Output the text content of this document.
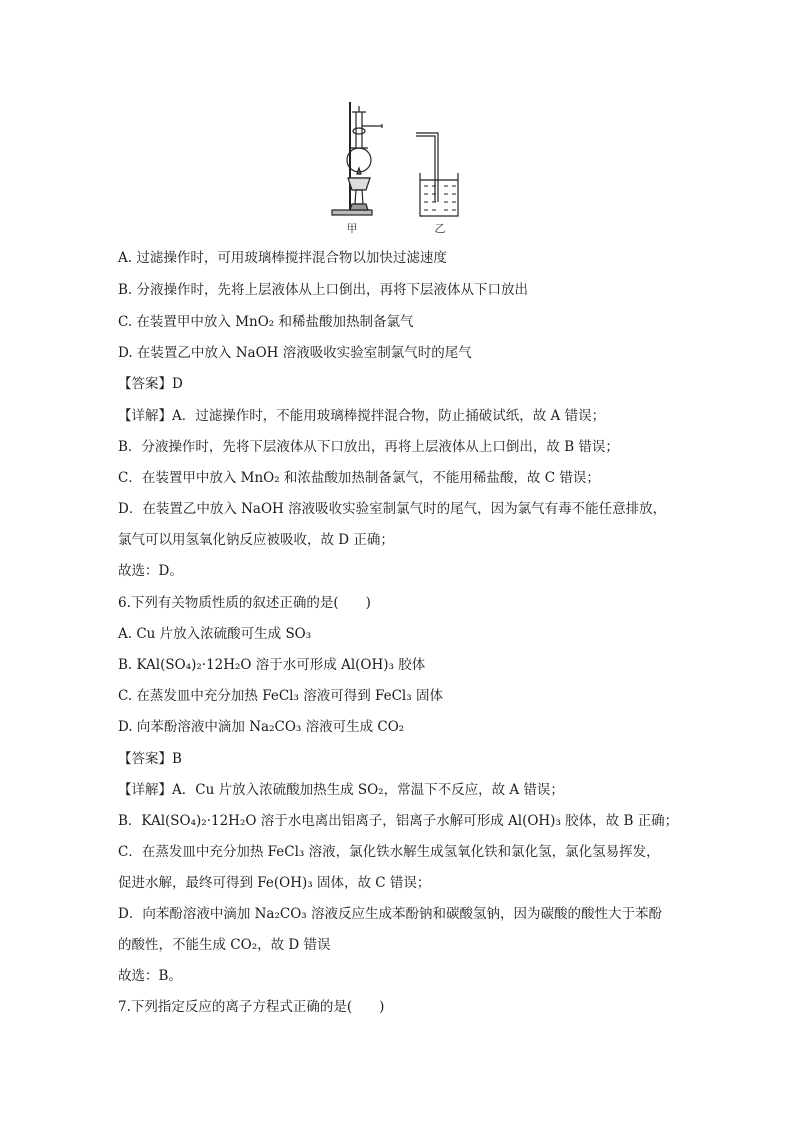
甲	乙
A. 过滤操作时，可用玻璃棒搅拌混合物以加快过滤速度
B. 分液操作时，先将上层液体从上口倒出，再将下层液体从下口放出
C. 在装置甲中放入 MnO₂ 和稀盐酸加热制备氯气
D. 在装置乙中放入 NaOH 溶液吸收实验室制氯气时的尾气
【答案】D
【详解】A．过滤操作时，不能用玻璃棒搅拌混合物，防止捅破试纸，故 A 错误；
B．分液操作时，先将下层液体从下口放出，再将上层液体从上口倒出，故 B 错误；
C．在装置甲中放入 MnO₂ 和浓盐酸加热制备氯气，不能用稀盐酸，故 C 错误；
D．在装置乙中放入 NaOH 溶液吸收实验室制氯气时的尾气，因为氯气有毒不能任意排放，
氯气可以用氢氧化钠反应被吸收，故 D 正确；
故选：D。
6.下列有关物质性质的叙述正确的是(　　)
A. Cu 片放入浓硫酸可生成 SO₃
B. KAl(SO₄)₂·12H₂O 溶于水可形成 Al(OH)₃ 胶体
C. 在蒸发皿中充分加热 FeCl₃ 溶液可得到 FeCl₃ 固体
D. 向苯酚溶液中滴加 Na₂CO₃ 溶液可生成 CO₂
【答案】B
【详解】A．Cu 片放入浓硫酸加热生成 SO₂，常温下不反应，故 A 错误；
B．KAl(SO₄)₂·12H₂O 溶于水电离出铝离子，铝离子水解可形成 Al(OH)₃ 胶体，故 B 正确；
C．在蒸发皿中充分加热 FeCl₃ 溶液，氯化铁水解生成氢氧化铁和氯化氢，氯化氢易挥发，
促进水解，最终可得到 Fe(OH)₃ 固体，故 C 错误；
D．向苯酚溶液中滴加 Na₂CO₃ 溶液反应生成苯酚钠和碳酸氢钠，因为碳酸的酸性大于苯酚
的酸性，不能生成 CO₂，故 D 错误
故选：B。
7.下列指定反应的离子方程式正确的是(　　)
